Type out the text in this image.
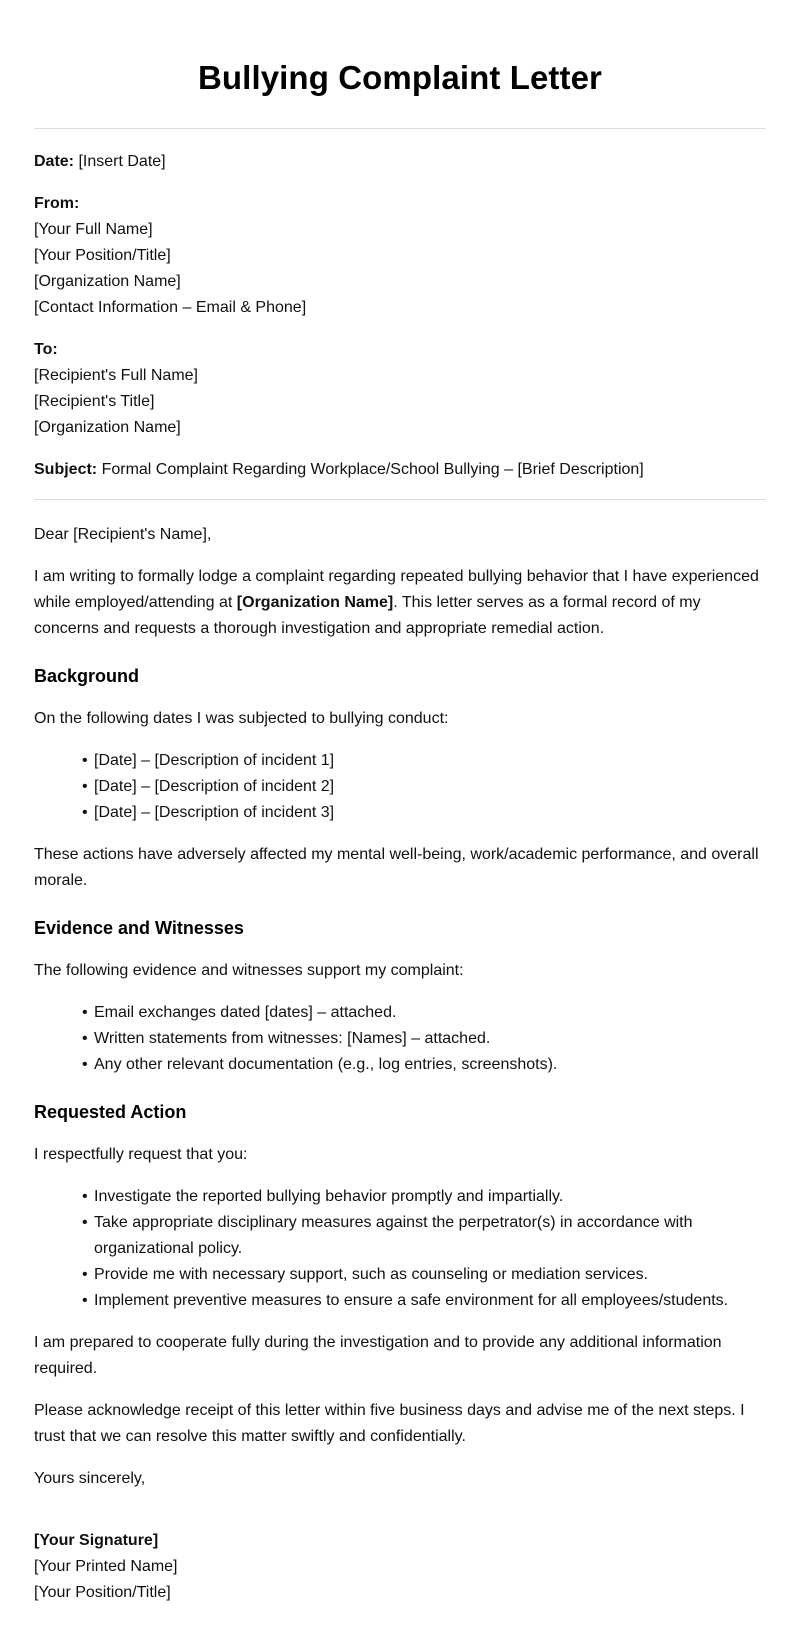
Bullying Complaint Letter

Date: [Insert Date]

From:
[Your Full Name]
[Your Position/Title]
[Organization Name]
[Contact Information – Email & Phone]
To:
[Recipient's Full Name]
[Recipient's Title]
[Organization Name]

Subject: Formal Complaint Regarding Workplace/School Bullying – [Brief Description]

Dear [Recipient's Name],

I am writing to formally lodge a complaint regarding repeated bullying behavior that I have experienced while employed/attending at [Organization Name]. This letter serves as a formal record of my concerns and requests a thorough investigation and appropriate remedial action.

Background

On the following dates I was subjected to bullying conduct:

• [Date] – [Description of incident 1]
• [Date] – [Description of incident 2]
• [Date] – [Description of incident 3]

These actions have adversely affected my mental well-being, work/academic performance, and overall morale.

Evidence and Witnesses

The following evidence and witnesses support my complaint:

• Email exchanges dated [dates] – attached.
• Written statements from witnesses: [Names] – attached.
• Any other relevant documentation (e.g., log entries, screenshots).
Requested Action

I respectfully request that you:

• Investigate the reported bullying behavior promptly and impartially.
• Take appropriate disciplinary measures against the perpetrator(s) in accordance with organizational policy.
• Provide me with necessary support, such as counseling or mediation services.
• Implement preventive measures to ensure a safe environment for all employees/students.

I am prepared to cooperate fully during the investigation and to provide any additional information required.

Please acknowledge receipt of this letter within five business days and advise me of the next steps. I trust that we can resolve this matter swiftly and confidentially.

Yours sincerely,

[Your Signature]
[Your Printed Name]
[Your Position/Title]
